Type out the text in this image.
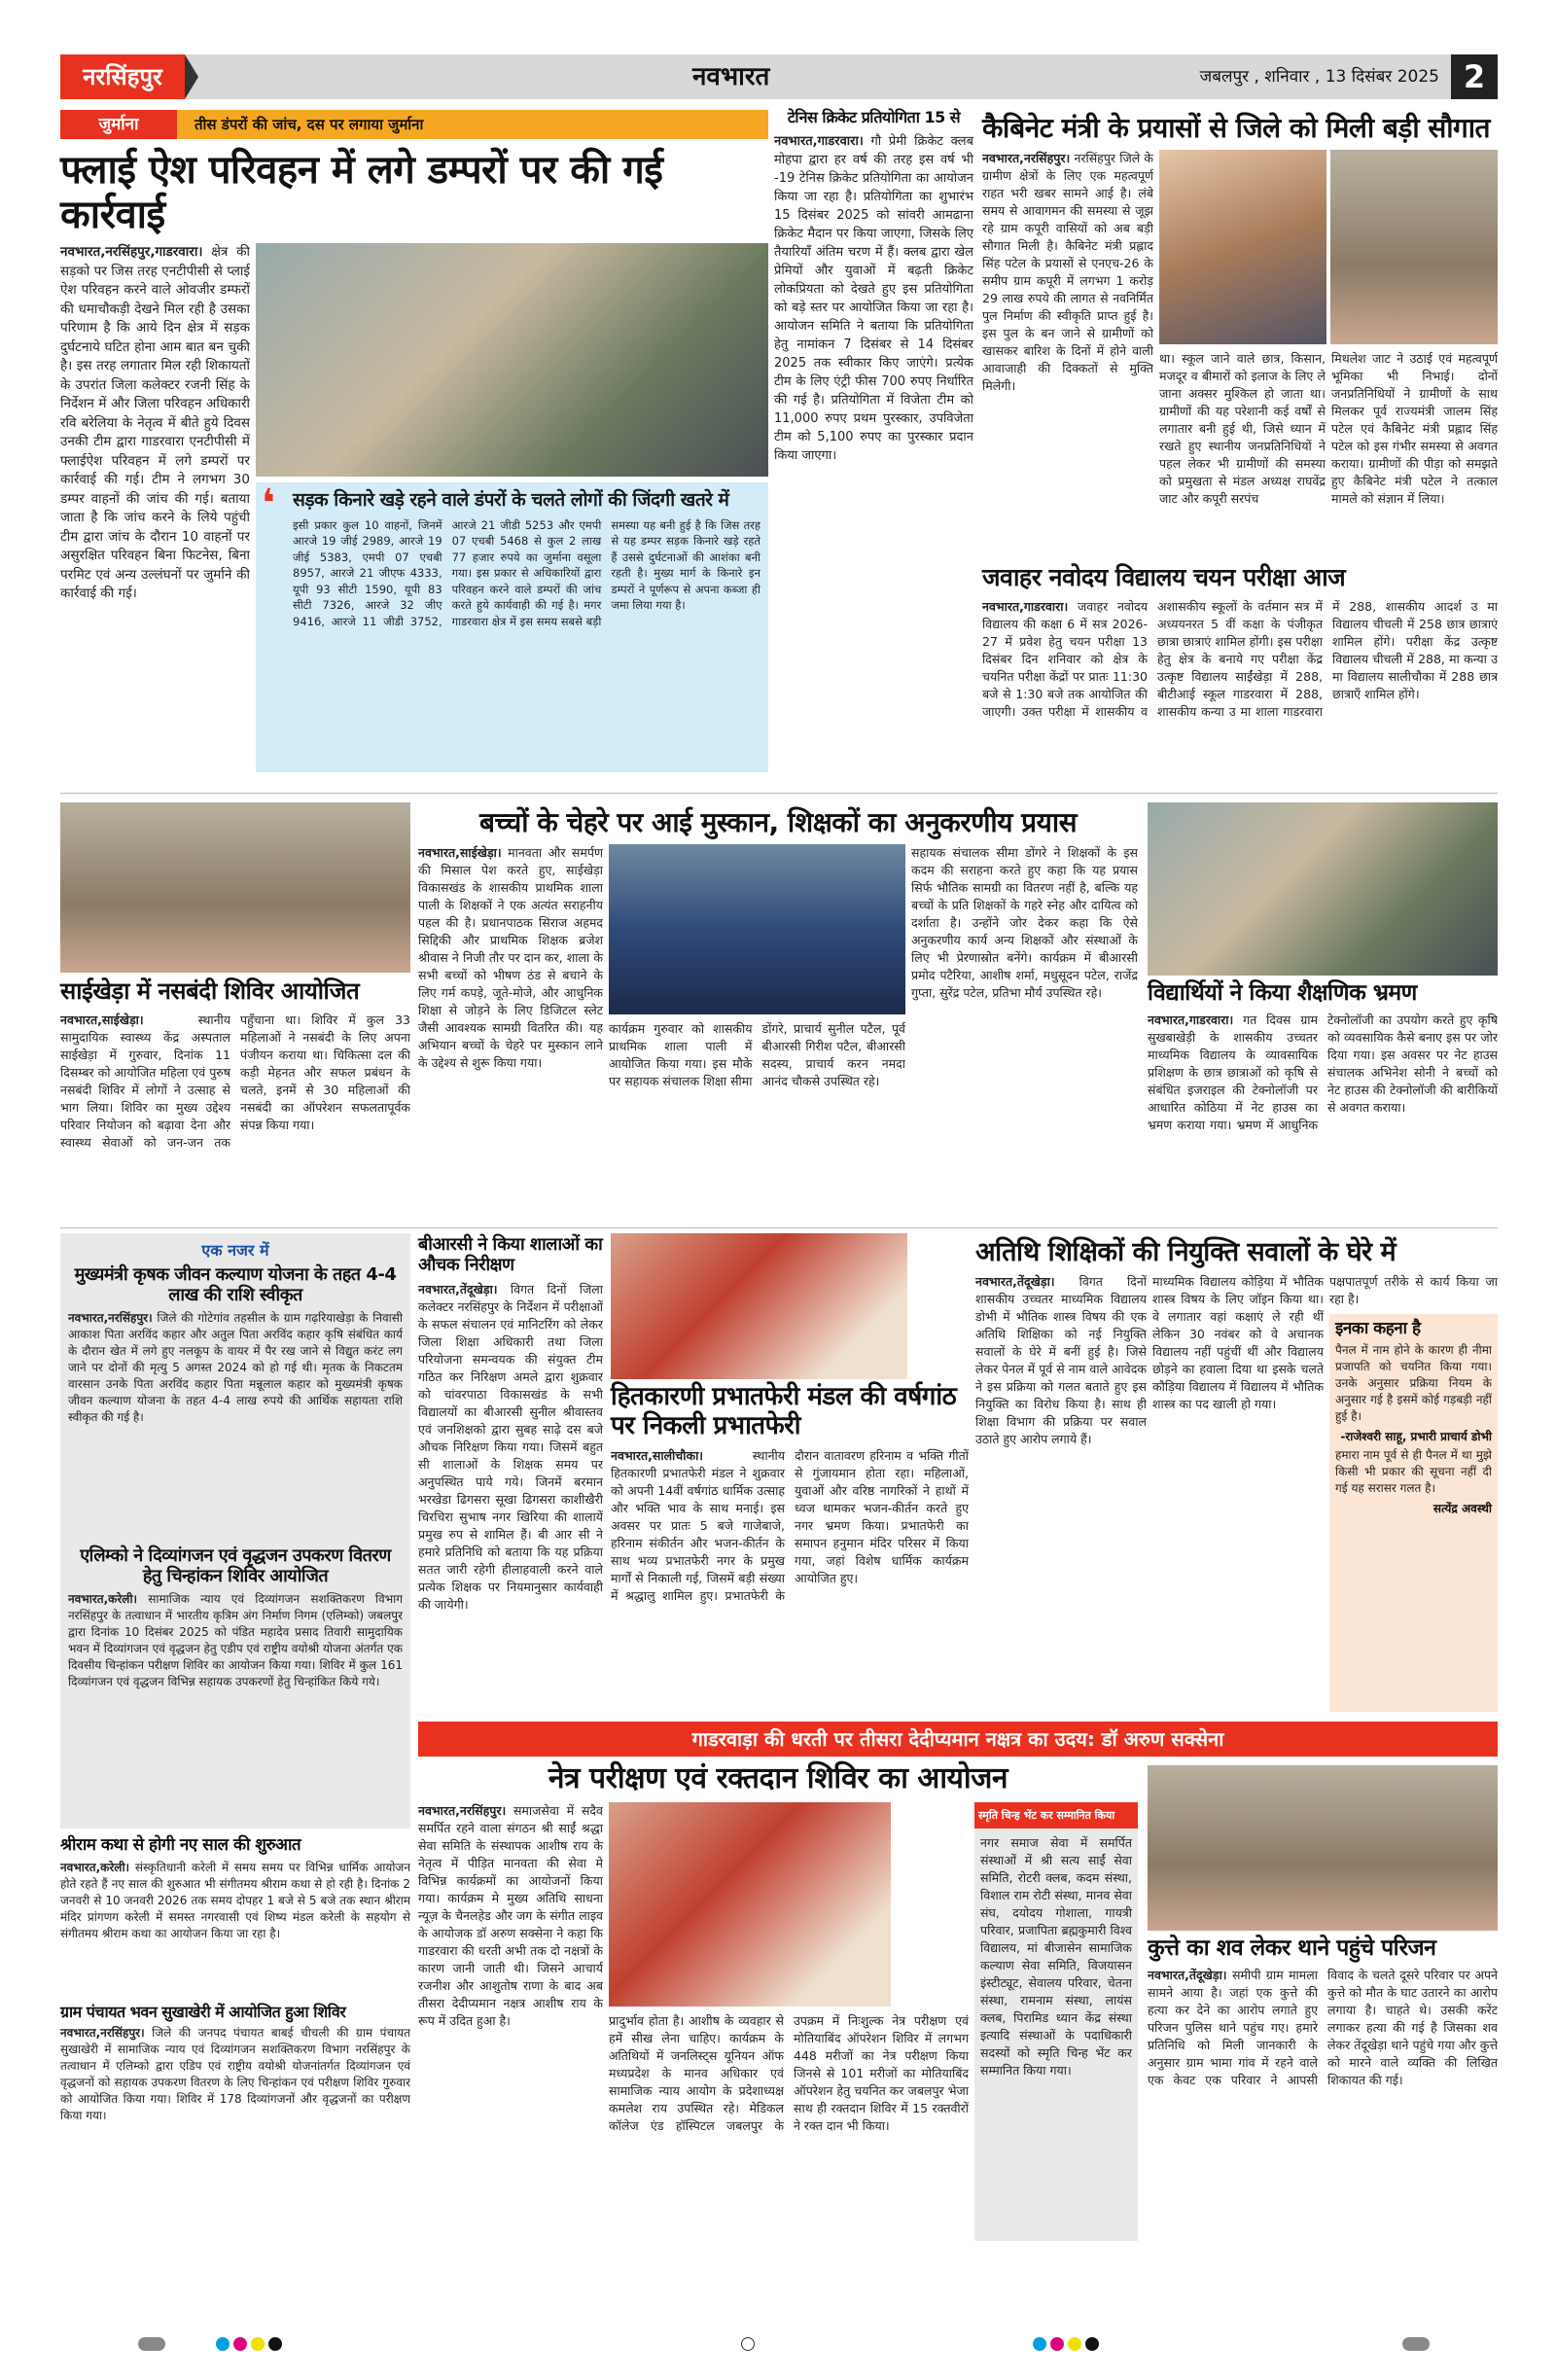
नरसिंहपुर	नवभारत	जबलपुर , शनिवार , 13 दिसंबर 2025 2
जुर्माना	तीस डंपरों की जांच, दस पर लगाया जुर्माना
फ्लाई ऐश परिवहन में लगे डम्परों पर की गई कार्रवाई
नवभारत,नरसिंहपुर,गाडरवारा। क्षेत्र की सड़को पर जिस तरह एनटीपीसी से प्लाई ऐश परिवहन करने वाले ओवजीर डम्फरों की धमाचौकड़ी देखने मिल रही है उसका परिणाम है कि आये दिन क्षेत्र में सड़क दुर्घटनाये घटित होना आम बात बन चुकी है। इस तरह लगातार मिल रही शिकायतों के उपरांत जिला कलेक्टर रजनी सिंह के निर्देशन में और जिला परिवहन अधिकारी रवि बरेलिया के नेतृत्व में बीते हुये दिवस उनकी टीम द्वारा गाडरवारा एनटीपीसी में फ्लाईऐश परिवहन में लगे डम्परों पर कार्रवाई की गई। टीम ने लगभग 30 डम्पर वाहनों की जांच की गई। बताया जाता है कि जांच करने के लिये पहुंची टीम द्वारा जांच के दौरान 10 वाहनों पर असुरक्षित परिवहन बिना फिटनेस, बिना परमिट एवं अन्य उल्लंघनों पर जुर्माने की कार्रवाई की गई।
❛ सड़क किनारे खड़े रहने वाले डंपरों के चलते लोगों की जिंदगी खतरे में
इसी प्रकार कुल 10 वाहनों, जिनमें आरजे 19 जीई 2989, आरजे 19 जीई 5383, एमपी 07 एचबी 8957, आरजे 21 जीएफ 4333, यूपी 93 सीटी 1590, यूपी 83 सीटी 7326, आरजे 32 जीए 9416, आरजे 11 जीडी 3752, आरजे 21 जीडी 5253 और एमपी 07 एचबी 5468 से कुल 2 लाख 77 हजार रुपये का जुर्माना वसूला गया। इस प्रकार से अधिकारियों द्वारा परिवहन करने वाले डम्परों की जांच करते हुये कार्यवाही की गई है। मगर गाडरवारा क्षेत्र में इस समय सबसे बड़ी समस्या यह बनी हुई है कि जिस तरह से यह डम्पर सड़क किनारे खड़े रहते हैं उससे दुर्घटनाओं की आशंका बनी रहती है। मुख्य मार्ग के किनारे इन डम्परों ने पूर्णरूप से अपना कब्जा ही जमा लिया गया है।
टेनिस क्रिकेट प्रतियोगिता 15 से
नवभारत,गाडरवारा। गौ प्रेमी क्रिकेट क्लब मोहपा द्वारा हर वर्ष की तरह इस वर्ष भी -19 टेनिस क्रिकेट प्रतियोगिता का आयोजन किया जा रहा है। प्रतियोगिता का शुभारंभ 15 दिसंबर 2025 को सांवरी आमढाना क्रिकेट मैदान पर किया जाएगा, जिसके लिए तैयारियाँ अंतिम चरण में हैं। क्लब द्वारा खेल प्रेमियों और युवाओं में बढ़ती क्रिकेट लोकप्रियता को देखते हुए इस प्रतियोगिता को बड़े स्तर पर आयोजित किया जा रहा है। आयोजन समिति ने बताया कि प्रतियोगिता हेतु नामांकन 7 दिसंबर से 14 दिसंबर 2025 तक स्वीकार किए जाएंगे। प्रत्येक टीम के लिए एंट्री फीस 700 रुपए निर्धारित की गई है। प्रतियोगिता में विजेता टीम को 11,000 रुपए प्रथम पुरस्कार, उपविजेता टीम को 5,100 रुपए का पुरस्कार प्रदान किया जाएगा।
कैबिनेट मंत्री के प्रयासों से जिले को मिली बड़ी सौगात
नवभारत,नरसिंहपुर। नरसिंहपुर जिले के ग्रामीण क्षेत्रों के लिए एक महत्वपूर्ण राहत भरी खबर सामने आई है। लंबे समय से आवागमन की समस्या से जूझ रहे ग्राम कपूरी वासियों को अब बड़ी सौगात मिली है। कैबिनेट मंत्री प्रह्लाद सिंह पटेल के प्रयासों से एनएच-26 के समीप ग्राम कपूरी में लगभग 1 करोड़ 29 लाख रुपये की लागत से नवनिर्मित पुल निर्माण की स्वीकृति प्राप्त हुई है। इस पुल के बन जाने से ग्रामीणों को खासकर बारिश के दिनों में होने वाली आवाजाही की दिक्कतों से मुक्ति मिलेगी।
था। स्कूल जाने वाले छात्र, किसान, मजदूर व बीमारों को इलाज के लिए ले जाना अक्सर मुश्किल हो जाता था। ग्रामीणों की यह परेशानी कई वर्षों से लगातार बनी हुई थी, जिसे ध्यान में रखते हुए स्थानीय जनप्रतिनिधियों ने पहल लेकर भी ग्रामीणों की समस्या को प्रमुखता से मंडल अध्यक्ष राघवेंद्र जाट और कपूरी सरपंच
मिथलेश जाट ने उठाई एवं महत्वपूर्ण भूमिका भी निभाई। दोनों जनप्रतिनिधियों ने ग्रामीणों के साथ मिलकर पूर्व राज्यमंत्री जालम सिंह पटेल एवं कैबिनेट मंत्री प्रह्लाद सिंह पटेल को इस गंभीर समस्या से अवगत कराया। ग्रामीणों की पीड़ा को समझते हुए कैबिनेट मंत्री पटेल ने तत्काल मामले को संज्ञान में लिया।
जवाहर नवोदय विद्यालय चयन परीक्षा आज
नवभारत,गाडरवारा। जवाहर नवोदय विद्यालय की कक्षा 6 में सत्र 2026-27 में प्रवेश हेतु चयन परीक्षा 13 दिसंबर दिन शनिवार को क्षेत्र के चयनित परीक्षा केंद्रों पर प्रातः 11:30 बजे से 1:30 बजे तक आयोजित की जाएगी। उक्त परीक्षा में शासकीय व अशासकीय स्कूलों के वर्तमान सत्र में अध्ययनरत 5 वीं कक्षा के पंजीकृत छात्रा छात्राएं शामिल होंगी। इस परीक्षा हेतु क्षेत्र के बनाये गए परीक्षा केंद्र उत्कृष्ट विद्यालय साईंखेड़ा में 288, बीटीआई स्कूल गाडरवारा में 288, शासकीय कन्या उ मा शाला गाडरवारा में 288, शासकीय आदर्श उ मा विद्यालय चीचली में 258 छात्र छात्राएं शामिल होंगे। परीक्षा केंद्र उत्कृष्ट विद्यालय चीचली में 288, मा कन्या उ मा विद्यालय सालीचौका में 288 छात्र छात्राएँ शामिल होंगे।
साईखेड़ा में नसबंदी शिविर आयोजित
नवभारत,साईखेड़ा।	स्थानीय सामुदायिक स्वास्थ्य केंद्र अस्पताल साईखेड़ा में गुरुवार, दिनांक 11 दिसम्बर को आयोजित महिला एवं पुरुष नसबंदी शिविर में लोगों ने उत्साह से भाग लिया। शिविर का मुख्य उद्देश्य परिवार नियोजन को बढ़ावा देना और स्वास्थ्य सेवाओं को जन-जन तक पहुँचाना था। शिविर में कुल 33 महिलाओं ने नसबंदी के लिए अपना पंजीयन कराया था। चिकित्सा दल की कड़ी मेहनत और सफल प्रबंधन के चलते, इनमें से 30 महिलाओं की नसबंदी का ऑपरेशन सफलतापूर्वक संपन्न किया गया।
बच्चों के चेहरे पर आई मुस्कान, शिक्षकों का अनुकरणीय प्रयास
नवभारत,साईखेड़ा। मानवता और समर्पण की मिसाल पेश करते हुए, साईखेड़ा विकासखंड के शासकीय प्राथमिक शाला पाली के शिक्षकों ने एक अत्यंत सराहनीय पहल की है। प्रधानपाठक सिराज अहमद सिद्दिकी और प्राथमिक शिक्षक ब्रजेश श्रीवास ने निजी तौर पर दान कर, शाला के सभी बच्चों को भीषण ठंड से बचाने के लिए गर्म कपड़े, जूते-मोजे, और आधुनिक शिक्षा से जोड़ने के लिए डिजिटल स्लेट जैसी आवश्यक सामग्री वितरित की। यह अभियान बच्चों के चेहरे पर मुस्कान लाने के उद्देश्य से शुरू किया गया।
कार्यक्रम गुरुवार को शासकीय प्राथमिक शाला पाली में आयोजित किया गया। इस मौके पर सहायक संचालक शिक्षा सीमा डोंगरे, प्राचार्य सुनील पटैल, पूर्व बीआरसी गिरीश पटैल, बीआरसी सदस्य, प्राचार्य करन नमदा आनंद चौकसे उपस्थित रहे।
सहायक संचालक सीमा डोंगरे ने शिक्षकों के इस कदम की सराहना करते हुए कहा कि यह प्रयास सिर्फ भौतिक सामग्री का वितरण नहीं है, बल्कि यह बच्चों के प्रति शिक्षकों के गहरे स्नेह और दायित्व को दर्शाता है। उन्होंने जोर देकर कहा कि ऐसे अनुकरणीय कार्य अन्य शिक्षकों और संस्थाओं के लिए भी प्रेरणास्रोत बनेंगे। कार्यक्रम में बीआरसी प्रमोद पटैरिया, आशीष शर्मा, मधुसूदन पटेल, राजेंद्र गुप्ता, सुरेंद्र पटेल, प्रतिभा मौर्य उपस्थित रहे।	विद्यार्थियों ने किया शैक्षणिक भ्रमण
नवभारत,गाडरवारा। गत दिवस ग्राम सुखबाखेड़ी के शासकीय उच्चतर माध्यमिक विद्यालय के व्यावसायिक प्रशिक्षण के छात्र छात्राओं को कृषि से संबंधित इजराइल की टेक्नोलॉजी पर आधारित कोठिया में नेट हाउस का भ्रमण कराया गया। भ्रमण में आधुनिक टेक्नोलॉजी का उपयोग करते हुए कृषि को व्यवसायिक कैसे बनाए इस पर जोर दिया गया। इस अवसर पर नेट हाउस संचालक अभिनेश सोनी ने बच्चों को नेट हाउस की टेक्नोलॉजी की बारीकियों से अवगत कराया।
एक नजर में
मुख्यमंत्री कृषक जीवन कल्याण योजना के तहत 4-4 लाख की राशि स्वीकृत
नवभारत,नरसिंहपुर। जिले की गोटेगांव तहसील के ग्राम गढ़रियाखेड़ा के निवासी आकाश पिता अरविंद कहार और अतुल पिता अरविंद कहार कृषि संबंधित कार्य के दौरान खेत में लगे हुए नलकूप के वायर में पैर रख जाने से विद्युत करंट लग जाने पर दोनों की मृत्यु 5 अगस्त 2024 को हो गई थी। मृतक के निकटतम वारसान उनके पिता अरविंद कहार पिता मन्नूलाल कहार को मुख्यमंत्री कृषक जीवन कल्याण योजना के तहत 4-4 लाख रुपये की आर्थिक सहायता राशि स्वीकृत की गई है।
एलिम्को ने दिव्यांगजन एवं वृद्धजन उपकरण वितरण हेतु चिन्हांकन शिविर आयोजित
नवभारत,करेली। सामाजिक न्याय एवं दिव्यांगजन सशक्तिकरण विभाग नरसिंहपुर के तत्वाधान में भारतीय कृत्रिम अंग निर्माण निगम (एलिम्को) जबलपुर द्वारा दिनांक 10 दिसंबर 2025 को पंडित महादेव प्रसाद तिवारी सामुदायिक भवन में दिव्यांगजन एवं वृद्धजन हेतु एडीप एवं राष्ट्रीय वयोश्री योजना अंतर्गत एक दिवसीय चिन्हांकन परीक्षण शिविर का आयोजन किया गया। शिविर में कुल 161 दिव्यांगजन एवं वृद्धजन विभिन्न सहायक उपकरणों हेतु चिन्हांकित किये गये।
श्रीराम कथा से होगी नए साल की शुरुआत
नवभारत,करेली। संस्कृतिधानी करेली में समय समय पर विभिन्न धार्मिक आयोजन होते रहते हैं नए साल की शुरुआत भी संगीतमय श्रीराम कथा से हो रही है। दिनांक 2 जनवरी से 10 जनवरी 2026 तक समय दोपहर 1 बजे से 5 बजे तक स्थान श्रीराम मंदिर प्रांगणग करेली में समस्त नगरवासी एवं शिष्य मंडल करेली के सहयोग से संगीतमय श्रीराम कथा का आयोजन किया जा रहा है।
ग्राम पंचायत भवन सुखाखेरी में आयोजित हुआ शिविर
नवभारत,नरसिंहपुर। जिले की जनपद पंचायत बाबई चीचली की ग्राम पंचायत सुखाखेरी में सामाजिक न्याय एवं दिव्यांगजन सशक्तिकरण विभाग नरसिंहपुर के तत्वाधान में एलिम्को द्वारा एडिप एवं राष्ट्रीय वयोश्री योजनांतर्गत दिव्यांगजन एवं वृद्धजनों को सहायक उपकरण वितरण के लिए चिन्हांकन एवं परीक्षण शिविर गुरुवार को आयोजित किया गया। शिविर में 178 दिव्यांगजनों और वृद्धजनों का परीक्षण किया गया।
बीआरसी ने किया शालाओं का औचक निरीक्षण
नवभारत,तेंदूखेड़ा। विगत दिनों जिला कलेक्टर नरसिंहपुर के निर्देशन में परीक्षाओं के सफल संचालन एवं मानिटरिंग को लेकर जिला शिक्षा अधिकारी तथा जिला परियोजना समन्वयक की संयुक्त टीम गठित कर निरिक्षण अमले द्वारा शुक्रवार को चांवरपाठा विकासखंड के सभी विद्यालयों का बीआरसी सुनील श्रीवास्तव एवं जनशिक्षको द्वारा सुबह साढ़े दस बजे औचक निरिक्षण किया गया। जिसमें बहुत सी शालाओं के शिक्षक समय पर अनुपस्थित पाये गये। जिनमें बरमान भरखेडा ढिगसरा सूखा ढिगसरा काशीखैरी चिरचिरा सुभाष नगर खिरिया की शालायें प्रमुख रुप से शामिल हैं। बी आर सी ने हमारे प्रतिनिधि को बताया कि यह प्रक्रिया सतत जारी रहेगी हीलाहवाली करने वाले प्रत्येक शिक्षक पर नियमानुसार कार्यवाही की जायेगी।
हितकारणी प्रभातफेरी मंडल की वर्षगांठ पर निकली प्रभातफेरी
नवभारत,सालीचौका।	स्थानीय हितकारणी प्रभातफेरी मंडल ने शुक्रवार को अपनी 14वीं वर्षगांठ धार्मिक उत्साह और भक्ति भाव के साथ मनाई। इस अवसर पर प्रातः 5 बजे गाजेबाजे, हरिनाम संकीर्तन और भजन-कीर्तन के साथ भव्य प्रभातफेरी नगर के प्रमुख मार्गों से निकाली गई, जिसमें बड़ी संख्या में श्रद्धालु शामिल हुए। प्रभातफेरी के दौरान वातावरण हरिनाम व भक्ति गीतों से गुंजायमान होता रहा। महिलाओं, युवाओं और वरिष्ठ नागरिकों ने हाथों में ध्वज थामकर भजन-कीर्तन करते हुए नगर भ्रमण किया। प्रभातफेरी का समापन हनुमान मंदिर परिसर में किया गया, जहां विशेष धार्मिक कार्यक्रम आयोजित हुए।
अतिथि शिक्षिकों की नियुक्ति सवालों के घेरे में
नवभारत,तेंदूखेड़ा। विगत दिनों शासकीय उच्चतर माध्यमिक विद्यालय डोभी में भौतिक शास्त्र विषय की एक अतिथि शिक्षिका को नई नियुक्ति सवालों के घेरे में बनीं हुई है। जिसे लेकर पेनल में पूर्व से नाम वाले आवेदक ने इस प्रक्रिया को गलत बताते हुए इस नियुक्ति का विरोध किया है। साथ ही शिक्षा विभाग की प्रक्रिया पर सवाल उठाते हुए आरोप लगाये हैं।
माध्यमिक विद्यालय कोड़िया में भौतिक शास्त्र विषय के लिए जॉइन किया था। वे लगातार वहां कक्षाएं ले रही थीं लेकिन 30 नवंबर को वे अचानक विद्यालय नहीं पहुंचीं थीं और विद्यालय छोड़ने का हवाला दिया था इसके चलते कौड़िया विद्यालय में विद्यालय में भौतिक शास्त्र का पद खाली हो गया।
पक्षपातपूर्ण तरीके से कार्य किया जा रहा है।
इनका कहना है
पैनल में नाम होने के कारण ही नीमा प्रजापति को चयनित किया गया। उनके अनुसार प्रक्रिया नियम के अनुसार गई है इसमें कोई गड़बड़ी नहीं हुई है।
-राजेश्वरी साहू, प्रभारी प्राचार्य डोभी
हमारा नाम पूर्व से ही पैनल में था मुझे किसी भी प्रकार की सूचना नहीं दी गई यह सरासर गलत है।
सत्येंद्र अवस्थी
गाडरवाड़ा की धरती पर तीसरा देदीप्यमान नक्षत्र का उदय: डॉ अरुण सक्सेना
नेत्र परीक्षण एवं रक्तदान शिविर का आयोजन
नवभारत,नरसिंहपुर। समाजसेवा में सदैव समर्पित रहने वाला संगठन श्री साईं श्रद्धा सेवा समिति के संस्थापक आशीष राय के नेतृत्व में पीड़ित मानवता की सेवा मे विभिन्न कार्यक्रमों का आयोजनों किया गया। कार्यक्रम मे मुख्य अतिथि साधना न्यूज़ के चैनलहेड और जग के संगीत लाइव के आयोजक डॉ अरुण सक्सेना ने कहा कि गाडरवारा की धरती अभी तक दो नक्षत्रों के कारण जानी जाती थी। जिसने आचार्य रजनीश और आशुतोष राणा के बाद अब तीसरा देदीप्यमान नक्षत्र आशीष राय के रूप में उदित हुआ है।	प्रादुर्भाव होता है। आशीष के व्यवहार से हमें सीख लेना चाहिए। कार्यक्रम के अतिथियों में जनलिस्ट्स यूनियन ऑफ मध्यप्रदेश के मानव अधिकार एवं सामाजिक न्याय आयोग के प्रदेशाध्यक्ष कमलेश राय उपस्थित रहे। मेडिकल कॉलेज एंड हॉस्पिटल जबलपुर के उपक्रम में निःशुल्क नेत्र परीक्षण एवं मोतियाबिंद ऑपरेशन शिविर में लगभग 448 मरीजों का नेत्र परीक्षण किया जिनसे से 101 मरीजों का मोतियाबिंद ऑपरेशन हेतु चयनित कर जबलपुर भेजा साथ ही रक्तदान शिविर में 15 रक्तवीरों ने रक्त दान भी किया।
स्मृति चिन्ह भेंट कर सम्मानित किया
नगर समाज सेवा में समर्पित संस्थाओं में श्री सत्य साईं सेवा समिति, रोटरी क्लब, कदम संस्था, विशाल राम रोटी संस्था, मानव सेवा संघ, दयोदय गोशाला, गायत्री परिवार, प्रजापिता ब्रह्मकुमारी विश्व विद्यालय, मां बीजासेन सामाजिक कल्याण सेवा समिति, विजयासन इंस्टीट्यूट, सेवालय परिवार, चेतना संस्था, रामनाम संस्था, लायंस क्लब, पिरामिड ध्यान केंद्र संस्था इत्यादि संस्थाओं के पदाधिकारी सदस्यों को स्मृति चिन्ह भेंट कर सम्मानित किया गया।
कुत्ते का शव लेकर थाने पहुंचे परिजन
नवभारत,तेंदूखेड़ा। समीपी ग्राम मामला सामने आया है। जहां एक कुत्ते की हत्या कर देने का आरोप लगाते हुए परिजन पुलिस थाने पहुंच गए। हमारे प्रतिनिधि को मिली जानकारी के अनुसार ग्राम भामा गांव में रहने वाले एक केवट एक परिवार ने आपसी विवाद के चलते दूसरे परिवार पर अपने कुत्ते को मौत के घाट उतारने का आरोप लगाया है। चाहते थे। उसकी करेंट लगाकर हत्या की गई है जिसका शव लेकर तेंदूखेड़ा थाने पहुंचे गया और कुत्ते को मारने वाले व्यक्ति की लिखित शिकायत की गई।
